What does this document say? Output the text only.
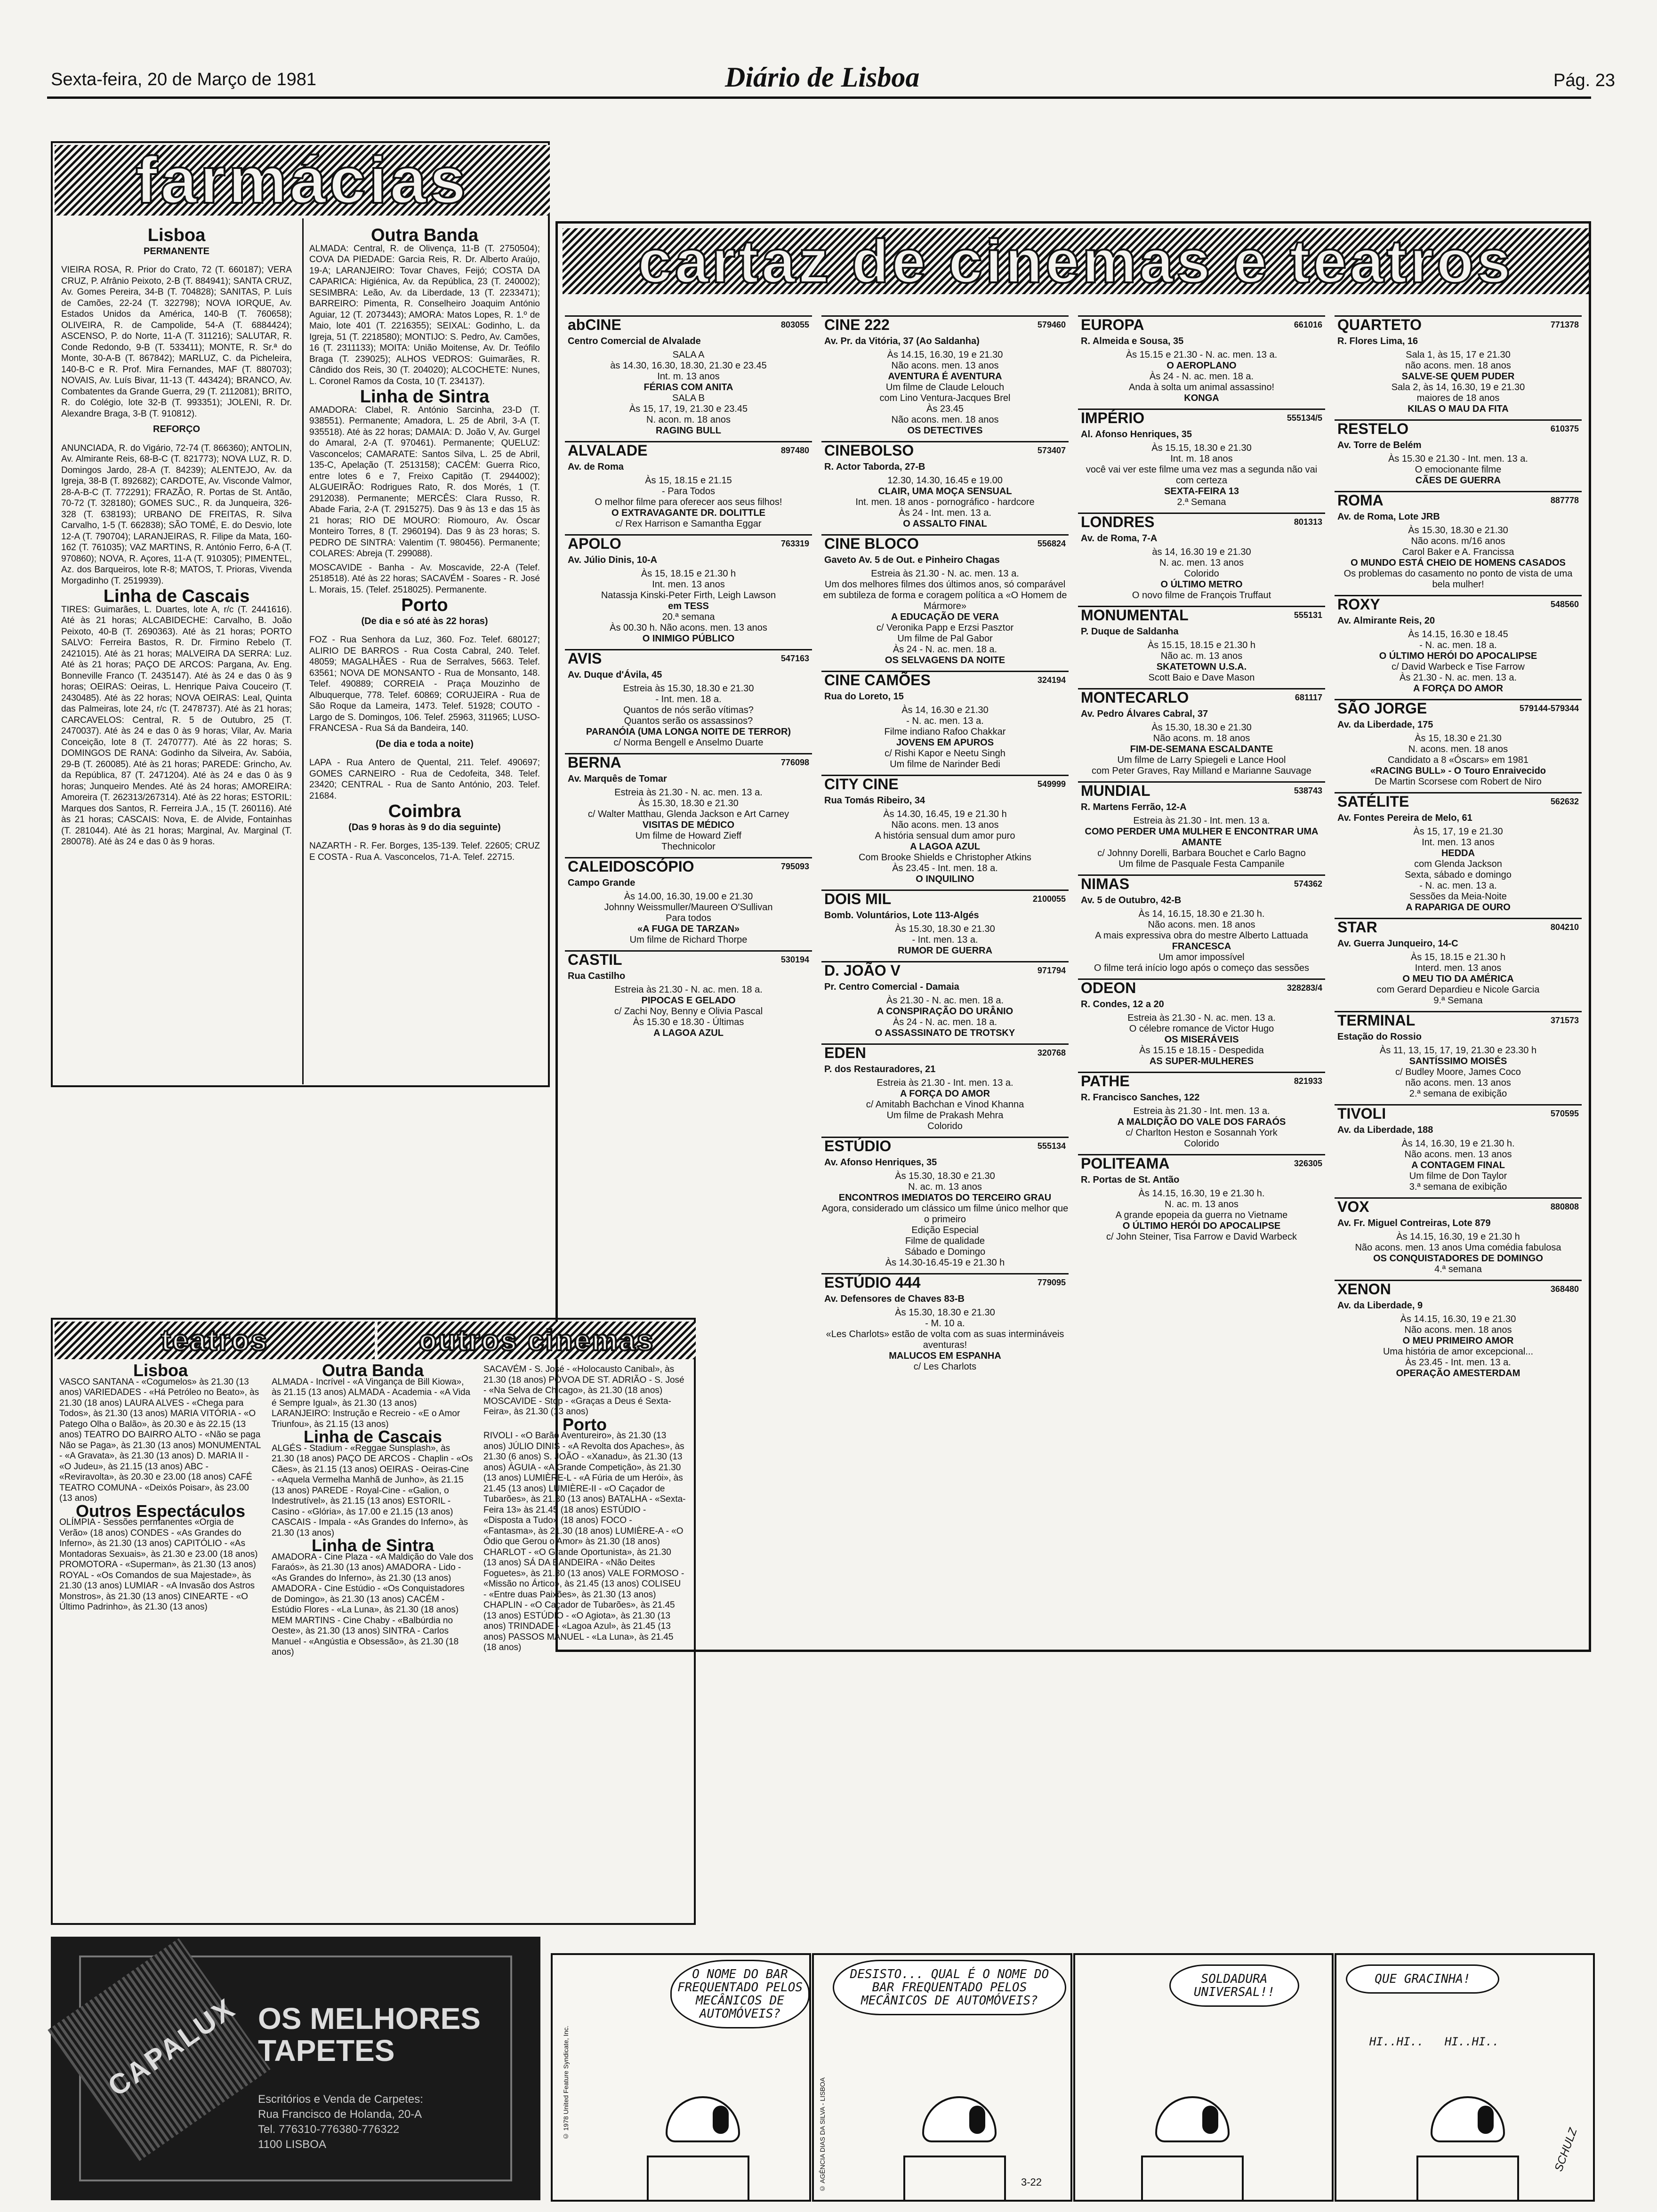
Sexta-feira, 20 de Março de 1981	Diário de Lisboa	Pág. 23
farmácias
Lisboa
PERMANENTE

VIEIRA ROSA, R. Prior do Crato, 72 (T. 660187); VERA CRUZ, P. Afrânio Peixoto, 2-B (T. 884941); SANTA CRUZ, Av. Gomes Pereira, 34-B (T. 704828); SANITAS, P. Luís de Camões, 22-24 (T. 322798); NOVA IORQUE, Av. Estados Unidos da América, 140-B (T. 760658); OLIVEIRA, R. de Campolide, 54-A (T. 6884424); ASCENSO, P. do Norte, 11-A (T. 311216); SALUTAR, R. Conde Redondo, 9-B (T. 533411); MONTE, R. Sr.ª do Monte, 30-A-B (T. 867842); MARLUZ, C. da Picheleira, 140-B-C e R. Prof. Mira Fernandes, MAF (T. 880703); NOVAIS, Av. Luís Bivar, 11-13 (T. 443424); BRANCO, Av. Combatentes da Grande Guerra, 29 (T. 2112081); BRITO, R. do Colégio, lote 32-B (T. 993351); JOLENI, R. Dr. Alexandre Braga, 3-B (T. 910812).

REFORÇO

ANUNCIADA, R. do Vigário, 72-74 (T. 866360); ANTOLIN, Av. Almirante Reis, 68-B-C (T. 821773); NOVA LUZ, R. D. Domingos Jardo, 28-A (T. 84239); ALENTEJO, Av. da Igreja, 38-B (T. 892682); CARDOTE, Av. Visconde Valmor, 28-A-B-C (T. 772291); FRAZÃO, R. Portas de St. Antão, 70-72 (T. 328180); GOMES SUC., R. da Junqueira, 326-328 (T. 638193); URBANO DE FREITAS, R. Silva Carvalho, 1-5 (T. 662838); SÃO TOMÉ, E. do Desvio, lote 12-A (T. 790704); LARANJEIRAS, R. Filipe da Mata, 160-162 (T. 761035); VAZ MARTINS, R. António Ferro, 6-A (T. 970860); NOVA, R. Açores, 11-A (T. 910305); PIMENTEL, Az. dos Barqueiros, lote R-8; MATOS, T. Prioras, Vivenda Morgadinho (T. 2519939).

Linha de Cascais

TIRES: Guimarães, L. Duartes, lote A, r/c (T. 2441616). Até às 21 horas; ALCABIDECHE: Carvalho, B. João Peixoto, 40-B (T. 2690363). Até às 21 horas; PORTO SALVO: Ferreira Bastos, R. Dr. Firmino Rebelo (T. 2421015). Até às 21 horas; MALVEIRA DA SERRA: Luz. Até às 21 horas; PAÇO DE ARCOS: Pargana, Av. Eng. Bonneville Franco (T. 2435147). Até às 24 e das 0 às 9 horas; OEIRAS: Oeiras, L. Henrique Paiva Couceiro (T. 2430485). Até às 22 horas; NOVA OEIRAS: Leal, Quinta das Palmeiras, lote 24, r/c (T. 2478737). Até às 21 horas; CARCAVELOS: Central, R. 5 de Outubro, 25 (T. 2470037). Até às 24 e das 0 às 9 horas; Vilar, Av. Maria Conceição, lote 8 (T. 2470777). Até às 22 horas; S. DOMINGOS DE RANA: Godinho da Silveira, Av. Sabóia, 29-B (T. 260085). Até às 21 horas; PAREDE: Grincho, Av. da República, 87 (T. 2471204). Até às 24 e das 0 às 9 horas; Junqueiro Mendes. Até às 24 horas; AMOREIRA: Amoreira (T. 262313/267314). Até às 22 horas; ESTORIL: Marques dos Santos, R. Ferreira J.A., 15 (T. 260116). Até às 21 horas; CASCAIS: Nova, E. de Alvide, Fontainhas (T. 281044). Até às 21 horas; Marginal, Av. Marginal (T. 280078). Até às 24 e das 0 às 9 horas.

Outra Banda

ALMADA: Central, R. de Olivença, 11-B (T. 2750504); COVA DA PIEDADE: Garcia Reis, R. Dr. Alberto Araújo, 19-A; LARANJEIRO: Tovar Chaves, Feijó; COSTA DA CAPARICA: Higiénica, Av. da República, 23 (T. 240002); SESIMBRA: Leão, Av. da Liberdade, 13 (T. 2233471); BARREIRO: Pimenta, R. Conselheiro Joaquim António Aguiar, 12 (T. 2073443); AMORA: Matos Lopes, R. 1.º de Maio, lote 401 (T. 2216355); SEIXAL: Godinho, L. da Igreja, 51 (T. 2218580); MONTIJO: S. Pedro, Av. Camões, 16 (T. 2311133); MOITA: União Moitense, Av. Dr. Teófilo Braga (T. 239025); ALHOS VEDROS: Guimarães, R. Cândido dos Reis, 30 (T. 204020); ALCOCHETE: Nunes, L. Coronel Ramos da Costa, 10 (T. 234137).

Linha de Sintra

AMADORA: Clabel, R. António Sarcinha, 23-D (T. 938551). Permanente; Amadora, L. 25 de Abril, 3-A (T. 935518). Até às 22 horas; DAMAIA: D. João V, Av. Gurgel do Amaral, 2-A (T. 970461). Permanente; QUELUZ: Vasconcelos; CAMARATE: Santos Silva, L. 25 de Abril, 135-C, Apelação (T. 2513158); CACÉM: Guerra Rico, entre lotes 6 e 7, Freixo Capitão (T. 2944002); ALGUEIRÃO: Rodrigues Rato, R. dos Morés, 1 (T. 2912038). Permanente; MERCÊS: Clara Russo, R. Abade Faria, 2-A (T. 2915275). Das 9 às 13 e das 15 às 21 horas; RIO DE MOURO: Riomouro, Av. Óscar Monteiro Torres, 8 (T. 2960194). Das 9 às 23 horas; S. PEDRO DE SINTRA: Valentim (T. 980456). Permanente; COLARES: Abreja (T. 299088).

MOSCAVIDE - Banha - Av. Moscavide, 22-A (Telef. 2518518). Até às 22 horas; SACAVÉM - Soares - R. José L. Morais, 15. (Telef. 2518025). Permanente.

Porto
(De dia e só até às 22 horas)

FOZ - Rua Senhora da Luz, 360. Foz. Telef. 680127; ALIRIO DE BARROS - Rua Costa Cabral, 240. Telef. 48059; MAGALHÃES - Rua de Serralves, 5663. Telef. 63561; NOVA DE MONSANTO - Rua de Monsanto, 148. Telef. 490889; CORREIA - Praça Mouzinho de Albuquerque, 778. Telef. 60869; CORUJEIRA - Rua de São Roque da Lameira, 1473. Telef. 51928; COUTO - Largo de S. Domingos, 106. Telef. 25963, 311965; LUSO-FRANCESA - Rua Sá da Bandeira, 140.

(De dia e toda a noite)

LAPA - Rua Antero de Quental, 211. Telef. 490697; GOMES CARNEIRO - Rua de Cedofeita, 348. Telef. 23420; CENTRAL - Rua de Santo António, 203. Telef. 21684.

Coimbra
(Das 9 horas às 9 do dia seguinte)

NAZARTH - R. Fer. Borges, 135-139. Telef. 22605; CRUZ E COSTA - Rua A. Vasconcelos, 71-A. Telef. 22715.

cartaz de cinemas e teatros
abCINE	803055
Centro Comercial de Alvalade

SALA A

às 14.30, 16.30, 18.30, 21.30 e 23.45

Int. m. 13 anos

FÉRIAS COM ANITA

SALA B

Às 15, 17, 19, 21.30 e 23.45

N. acon. m. 18 anos

RAGING BULL

ALVALADE	897480
Av. de Roma

Às 15, 18.15 e 21.15

- Para Todos

O melhor filme para oferecer aos seus filhos!

O EXTRAVAGANTE DR. DOLITTLE

c/ Rex Harrison e Samantha Eggar

APOLO	763319
Av. Júlio Dinis, 10-A

Às 15, 18.15 e 21.30 h

Int. men. 13 anos

Natassja Kinski-Peter Firth, Leigh Lawson

em TESS

20.ª semana

Às 00.30 h. Não acons. men. 13 anos

O INIMIGO PÚBLICO

AVIS	547163
Av. Duque d'Ávila, 45

Estreia às 15.30, 18.30 e 21.30

- Int. men. 18 a.

Quantos de nós serão vítimas?

Quantos serão os assassinos?

PARANÓIA (UMA LONGA NOITE DE TERROR)

c/ Norma Bengell e Anselmo Duarte

BERNA	776098
Av. Marquês de Tomar

Estreia às 21.30 - N. ac. men. 13 a.

Às 15.30, 18.30 e 21.30

c/ Walter Matthau, Glenda Jackson e Art Carney

VISITAS DE MÉDICO

Um filme de Howard Zieff

Thechnicolor

CALEIDOSCÓPIO	795093
Campo Grande

Às 14.00, 16.30, 19.00 e 21.30

Johnny Weissmuller/Maureen O'Sullivan

Para todos

«A FUGA DE TARZAN»

Um filme de Richard Thorpe

CASTIL	530194
Rua Castilho

Estreia às 21.30 - N. ac. men. 18 a.

PIPOCAS E GELADO

c/ Zachi Noy, Benny e Olivia Pascal

Às 15.30 e 18.30 - Últimas

A LAGOA AZUL

CINE 222	579460
Av. Pr. da Vitória, 37 (Ao Saldanha)

Às 14.15, 16.30, 19 e 21.30

Não acons. men. 13 anos

AVENTURA É AVENTURA

Um filme de Claude Lelouch

com Lino Ventura-Jacques Brel

Às 23.45

Não acons. men. 18 anos

OS DETECTIVES

CINEBOLSO	573407
R. Actor Taborda, 27-B

12.30, 14.30, 16.45 e 19.00

CLAIR, UMA MOÇA SENSUAL

Int. men. 18 anos - pornográfico - hardcore

Às 24 - Int. men. 13 a.

O ASSALTO FINAL

CINE BLOCO	556824
Gaveto Av. 5 de Out. e Pinheiro Chagas

Estreia às 21.30 - N. ac. men. 13 a.

Um dos melhores filmes dos últimos anos, só comparável em subtileza de forma e coragem política a «O Homem de Mármore»

A EDUCAÇÃO DE VERA

c/ Veronika Papp e Erzsi Pasztor

Um filme de Pal Gabor

Às 24 - N. ac. men. 18 a.

OS SELVAGENS DA NOITE

CINE CAMÕES	324194
Rua do Loreto, 15

Às 14, 16.30 e 21.30

- N. ac. men. 13 a.

Filme indiano Rafoo Chakkar

JOVENS EM APUROS

c/ Rishi Kapor e Neetu Singh

Um filme de Narinder Bedi

CITY CINE	549999
Rua Tomás Ribeiro, 34

Às 14.30, 16.45, 19 e 21.30 h

Não acons. men. 13 anos

A história sensual dum amor puro

A LAGOA AZUL

Com Brooke Shields e Christopher Atkins

Às 23.45 - Int. men. 18 a.

O INQUILINO

DOIS MIL	2100055
Bomb. Voluntários, Lote 113-Algés

Às 15.30, 18.30 e 21.30

- Int. men. 13 a.

RUMOR DE GUERRA

D. JOÃO V	971794
Pr. Centro Comercial - Damaia

Às 21.30 - N. ac. men. 18 a.

A CONSPIRAÇÃO DO URÂNIO

Às 24 - N. ac. men. 18 a.

O ASSASSINATO DE TROTSKY

EDEN	320768
P. dos Restauradores, 21

Estreia às 21.30 - Int. men. 13 a.

A FORÇA DO AMOR

c/ Amitabh Bachchan e Vinod Khanna

Um filme de Prakash Mehra

Colorido

ESTÚDIO	555134
Av. Afonso Henriques, 35

Às 15.30, 18.30 e 21.30

N. ac. m. 13 anos

ENCONTROS IMEDIATOS DO TERCEIRO GRAU

Agora, considerado um clássico um filme único melhor que o primeiro

Edição Especial

Filme de qualidade

Sábado e Domingo

Às 14.30-16.45-19 e 21.30 h

ESTÚDIO 444	779095
Av. Defensores de Chaves 83-B

Às 15.30, 18.30 e 21.30

- M. 10 a.

«Les Charlots» estão de volta com as suas intermináveis aventuras!

MALUCOS EM ESPANHA

c/ Les Charlots

EUROPA	661016
R. Almeida e Sousa, 35

Às 15.15 e 21.30 - N. ac. men. 13 a.

O AEROPLANO

Às 24 - N. ac. men. 18 a.

Anda à solta um animal assassino!

KONGA

IMPÉRIO	555134/5
Al. Afonso Henriques, 35

Às 15.15, 18.30 e 21.30

Int. m. 18 anos

você vai ver este filme uma vez mas a segunda não vai com certeza

SEXTA-FEIRA 13

2.ª Semana

LONDRES	801313
Av. de Roma, 7-A

às 14, 16.30 19 e 21.30

N. ac. men. 13 anos

Colorido

O ÚLTIMO METRO

O novo filme de François Truffaut

MONUMENTAL	555131
P. Duque de Saldanha

Às 15.15, 18.15 e 21.30 h

Não ac. m. 13 anos

SKATETOWN U.S.A.

Scott Baio e Dave Mason

MONTECARLO	681117
Av. Pedro Álvares Cabral, 37

Às 15.30, 18.30 e 21.30

Não acons. m. 18 anos

FIM-DE-SEMANA ESCALDANTE

Um filme de Larry Spiegeli e Lance Hool

com Peter Graves, Ray Milland e Marianne Sauvage

MUNDIAL	538743
R. Martens Ferrão, 12-A

Estreia às 21.30 - Int. men. 13 a.

COMO PERDER UMA MULHER E ENCONTRAR UMA AMANTE

c/ Johnny Dorelli, Barbara Bouchet e Carlo Bagno

Um filme de Pasquale Festa Campanile

NIMAS	574362
Av. 5 de Outubro, 42-B

Às 14, 16.15, 18.30 e 21.30 h.

Não acons. men. 18 anos

A mais expressiva obra do mestre Alberto Lattuada

FRANCESCA

Um amor impossível

O filme terá início logo após o começo das sessões

ODEON	328283/4
R. Condes, 12 a 20

Estreia às 21.30 - N. ac. men. 13 a.

O célebre romance de Victor Hugo

OS MISERÁVEIS

Às 15.15 e 18.15 - Despedida

AS SUPER-MULHERES

PATHE	821933
R. Francisco Sanches, 122

Estreia às 21.30 - Int. men. 13 a.

A MALDIÇÃO DO VALE DOS FARAÓS

c/ Charlton Heston e Sosannah York

Colorido

POLITEAMA	326305
R. Portas de St. Antão

Às 14.15, 16.30, 19 e 21.30 h.

N. ac. m. 13 anos

A grande epopeia da guerra no Vietname

O ÚLTIMO HERÓI DO APOCALIPSE

c/ John Steiner, Tisa Farrow e David Warbeck

QUARTETO	771378
R. Flores Lima, 16

Sala 1, às 15, 17 e 21.30

não acons. men. 18 anos

SALVE-SE QUEM PUDER

Sala 2, às 14, 16.30, 19 e 21.30

maiores de 18 anos

KILAS O MAU DA FITA

RESTELO	610375
Av. Torre de Belém

Às 15.30 e 21.30 - Int. men. 13 a.

O emocionante filme

CÃES DE GUERRA

ROMA	887778
Av. de Roma, Lote JRB

Às 15.30, 18.30 e 21.30

Não acons. m/16 anos

Carol Baker e A. Francissa

O MUNDO ESTÁ CHEIO DE HOMENS CASADOS

Os problemas do casamento no ponto de vista de uma bela mulher!

ROXY	548560
Av. Almirante Reis, 20

Às 14.15, 16.30 e 18.45

- N. ac. men. 18 a.

O ÚLTIMO HERÓI DO APOCALIPSE

c/ David Warbeck e Tise Farrow

Às 21.30 - N. ac. men. 13 a.

A FORÇA DO AMOR

SÃO JORGE	579144-579344
Av. da Liberdade, 175

Às 15, 18.30 e 21.30

N. acons. men. 18 anos

Candidato a 8 «Óscars» em 1981

«RACING BULL» - O Touro Enraivecido

De Martin Scorsese com Robert de Niro

SATÉLITE	562632
Av. Fontes Pereira de Melo, 61

Às 15, 17, 19 e 21.30

Int. men. 13 anos

HEDDA

com Glenda Jackson

Sexta, sábado e domingo

- N. ac. men. 13 a.

Sessões da Meia-Noite

A RAPARIGA DE OURO

STAR	804210
Av. Guerra Junqueiro, 14-C

Às 15, 18.15 e 21.30 h

Interd. men. 13 anos

O MEU TIO DA AMÉRICA

com Gerard Depardieu e Nicole Garcia

9.ª Semana

TERMINAL	371573
Estação do Rossio

Às 11, 13, 15, 17, 19, 21.30 e 23.30 h

SANTÍSSIMO MOISÉS

c/ Budley Moore, James Coco

não acons. men. 13 anos

2.ª semana de exibição

TIVOLI	570595
Av. da Liberdade, 188

Às 14, 16.30, 19 e 21.30 h.

Não acons. men. 13 anos

A CONTAGEM FINAL

Um filme de Don Taylor

3.ª semana de exibição

VOX	880808
Av. Fr. Miguel Contreiras, Lote 879

Às 14.15, 16.30, 19 e 21.30 h

Não acons. men. 13 anos Uma comédia fabulosa

OS CONQUISTADORES DE DOMINGO

4.ª semana

XENON	368480
Av. da Liberdade, 9

Às 14.15, 16.30, 19 e 21.30

Não acons. men. 18 anos

O MEU PRIMEIRO AMOR

Uma história de amor excepcional...

Às 23.45 - Int. men. 13 a.

OPERAÇÃO AMESTERDAM

teatros	outros cinemas
Lisboa

VASCO SANTANA - «Cogumelos» às 21.30 (13 anos) VARIEDADES - «Há Petróleo no Beato», às 21.30 (18 anos) LAURA ALVES - «Chega para Todos», às 21.30 (13 anos) MARIA VITÓRIA - «O Patego Olha o Balão», às 20.30 e às 22.15 (13 anos) TEATRO DO BAIRRO ALTO - «Não se paga Não se Paga», às 21.30 (13 anos) MONUMENTAL - «A Gravata», às 21.30 (13 anos) D. MARIA II - «O Judeu», às 21.15 (13 anos) ABC - «Reviravolta», às 20.30 e 23.00 (18 anos) CAFÉ TEATRO COMUNA - «Deixós Poisar», às 23.00 (13 anos)

Outros Espectáculos

OLÍMPIA - Sessões permanentes «Orgia de Verão» (18 anos) CONDES - «As Grandes do Inferno», às 21.30 (13 anos) CAPITÓLIO - «As Montadoras Sexuais», às 21.30 e 23.00 (18 anos) PROMOTORA - «Superman», às 21.30 (13 anos) ROYAL - «Os Comandos de sua Majestade», às 21.30 (13 anos) LUMIAR - «A Invasão dos Astros Monstros», às 21.30 (13 anos) CINEARTE - «O Último Padrinho», às 21.30 (13 anos)

Outra Banda

ALMADA - Incrível - «A Vingança de Bill Kiowa», às 21.15 (13 anos) ALMADA - Academia - «A Vida é Sempre Igual», às 21.30 (13 anos) LARANJEIRO: Instrução e Recreio - «E o Amor Triunfou», às 21.15 (13 anos)

Linha de Cascais

ALGÉS - Stadium - «Reggae Sunsplash», às 21.30 (18 anos) PAÇO DE ARCOS - Chaplin - «Os Cães», às 21.15 (13 anos) OEIRAS - Oeiras-Cine - «Aquela Vermelha Manhã de Junho», às 21.15 (13 anos) PAREDE - Royal-Cine - «Galion, o Indestrutível», às 21.15 (13 anos) ESTORIL - Casino - «Glória», às 17.00 e 21.15 (13 anos) CASCAIS - Impala - «As Grandes do Inferno», às 21.30 (13 anos)

Linha de Sintra

AMADORA - Cine Plaza - «A Maldição do Vale dos Faraós», às 21.30 (13 anos) AMADORA - Lido - «As Grandes do Inferno», às 21.30 (13 anos) AMADORA - Cine Estúdio - «Os Conquistadores de Domingo», às 21.30 (13 anos) CACÉM - Estúdio Flores - «La Luna», às 21.30 (18 anos) MEM MARTINS - Cine Chaby - «Balbúrdia no Oeste», às 21.30 (13 anos) SINTRA - Carlos Manuel - «Angústia e Obsessão», às 21.30 (18 anos)

SACAVÉM - S. José - «Holocausto Canibal», às 21.30 (18 anos) PÓVOA DE ST. ADRIÃO - S. José - «Na Selva de Chicago», às 21.30 (18 anos) MOSCAVIDE - Stop - «Graças a Deus é Sexta-Feira», às 21.30 (13 anos)

Porto

RIVOLI - «O Barão Aventureiro», às 21.30 (13 anos) JÚLIO DINIS - «A Revolta dos Apaches», às 21.30 (6 anos) S. JOÃO - «Xanadu», às 21.30 (13 anos) ÁGUIA - «A Grande Competição», às 21.30 (13 anos) LUMIÈRE-L - «A Fúria de um Herói», às 21.45 (13 anos) LUMIÈRE-II - «O Caçador de Tubarões», às 21.30 (13 anos) BATALHA - «Sexta-Feira 13» às 21.45 (18 anos) ESTÚDIO - «Disposta a Tudo» (18 anos) FOCO - «Fantasma», às 21.30 (18 anos) LUMIÈRE-A - «O Ódio que Gerou o Amor» às 21.30 (18 anos) CHARLOT - «O Grande Oportunista», às 21.30 (13 anos) SÁ DA BANDEIRA - «Não Deites Foguetes», às 21.30 (13 anos) VALE FORMOSO - «Missão no Ártico», às 21.45 (13 anos) COLISEU - «Entre duas Paixões», às 21.30 (13 anos) CHAPLIN - «O Caçador de Tubarões», às 21.45 (13 anos) ESTÚDIO - «O Agiota», às 21.30 (13 anos) TRINDADE - «Lagoa Azul», às 21.45 (13 anos) PASSOS MANUEL - «La Luna», às 21.45 (18 anos)

CAPALUX OS MELHORES TAPETES
Escritórios e Venda de Carpetes:
Rua Francisco de Holanda, 20-A
Tel. 776310-776380-776322
1100 LISBOA
O NOME DO BAR FREQUENTADO PELOS MECÂNICOS DE AUTOMÓVEIS?
© 1978 United Feature Syndicate, Inc.
DESISTO... QUAL É O NOME DO BAR FREQUENTADO PELOS MECÂNICOS DE AUTOMÓVEIS?
© AGÊNCIA DIAS DA SILVA - LISBOA	3-22
SOLDADURA UNIVERSAL!!
QUE GRACINHA!
HI..HI.. HI..HI..
SCHULZ
